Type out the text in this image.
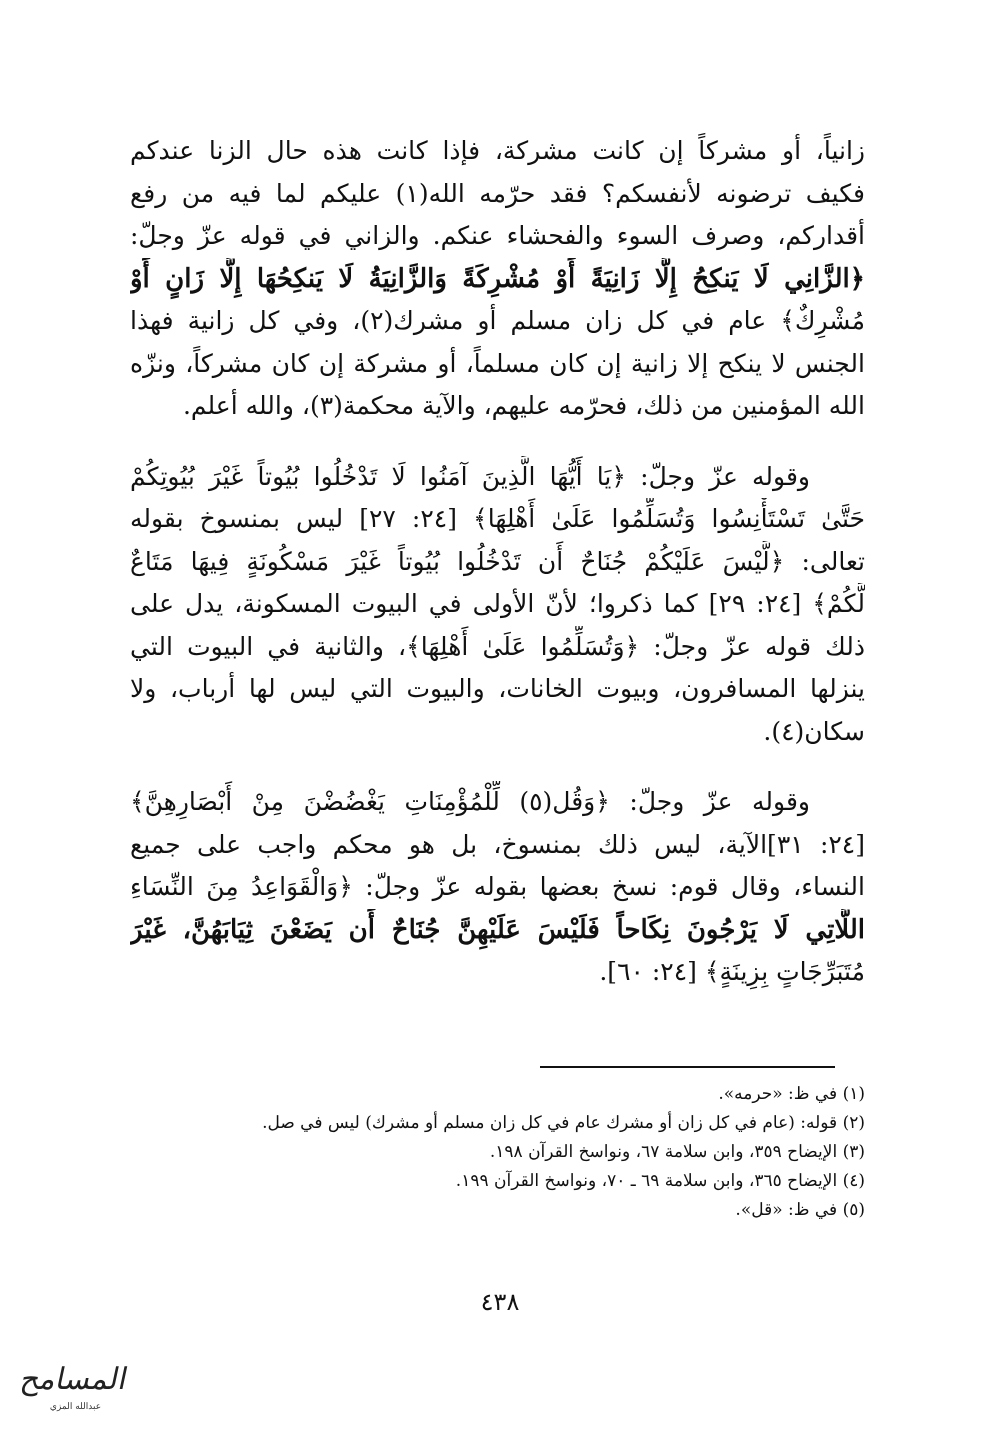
زانياً، أو مشركاً إن كانت مشركة، فإذا كانت هذه حال الزنا عندكم
فكيف ترضونه لأنفسكم؟ فقد حرّمه الله(١) عليكم لما فيه من رفع
أقداركم، وصرف السوء والفحشاء عنكم. والزاني في قوله عزّ وجلّ:
﴿الزَّانِي لَا يَنكِحُ إِلَّا زَانِيَةً أَوْ مُشْرِكَةً وَالزَّانِيَةُ لَا يَنكِحُهَا إِلَّا زَانٍ أَوْ
مُشْرِكٌ﴾ عام في كل زان مسلم أو مشرك(٢)، وفي كل زانية فهذا
الجنس لا ينكح إلا زانية إن كان مسلماً، أو مشركة إن كان مشركاً، ونزّه
الله المؤمنين من ذلك، فحرّمه عليهم، والآية محكمة(٣)، والله أعلم.
وقوله عزّ وجلّ: ﴿يَا أَيُّهَا الَّذِينَ آمَنُوا لَا تَدْخُلُوا بُيُوتاً غَيْرَ بُيُوتِكُمْ
حَتَّىٰ تَسْتَأْنِسُوا وَتُسَلِّمُوا عَلَىٰ أَهْلِهَا﴾ [٢٤: ٢٧] ليس بمنسوخ بقوله
تعالى: ﴿لَّيْسَ عَلَيْكُمْ جُنَاحٌ أَن تَدْخُلُوا بُيُوتاً غَيْرَ مَسْكُونَةٍ فِيهَا مَتَاعٌ
لَّكُمْ﴾ [٢٤: ٢٩] كما ذكروا؛ لأنّ الأولى في البيوت المسكونة، يدل على
ذلك قوله عزّ وجلّ: ﴿وَتُسَلِّمُوا عَلَىٰ أَهْلِهَا﴾، والثانية في البيوت التي
ينزلها المسافرون، وبيوت الخانات، والبيوت التي ليس لها أرباب، ولا
سكان(٤).
وقوله عزّ وجلّ: ﴿وَقُل(٥) لِّلْمُؤْمِنَاتِ يَغْضُضْنَ مِنْ أَبْصَارِهِنَّ﴾
[٢٤: ٣١]الآية، ليس ذلك بمنسوخ، بل هو محكم واجب على جميع
النساء، وقال قوم: نسخ بعضها بقوله عزّ وجلّ: ﴿وَالْقَوَاعِدُ مِنَ النِّسَاءِ
اللَّاتِي لَا يَرْجُونَ نِكَاحاً فَلَيْسَ عَلَيْهِنَّ جُنَاحٌ أَن يَضَعْنَ ثِيَابَهُنَّ، غَيْرَ
مُتَبَرِّجَاتٍ بِزِينَةٍ﴾ [٢٤: ٦٠].
(١) في ظ: «حرمه».
(٢) قوله: (عام في كل زان أو مشرك عام في كل زان مسلم أو مشرك) ليس في صل.
(٣) الإيضاح ٣٥٩، وابن سلامة ٦٧، ونواسخ القرآن ١٩٨.
(٤) الإيضاح ٣٦٥، وابن سلامة ٦٩ ـ ٧٠، ونواسخ القرآن ١٩٩.
(٥) في ظ: «قل».
٤٣٨
المسامح
عبدالله المزي
